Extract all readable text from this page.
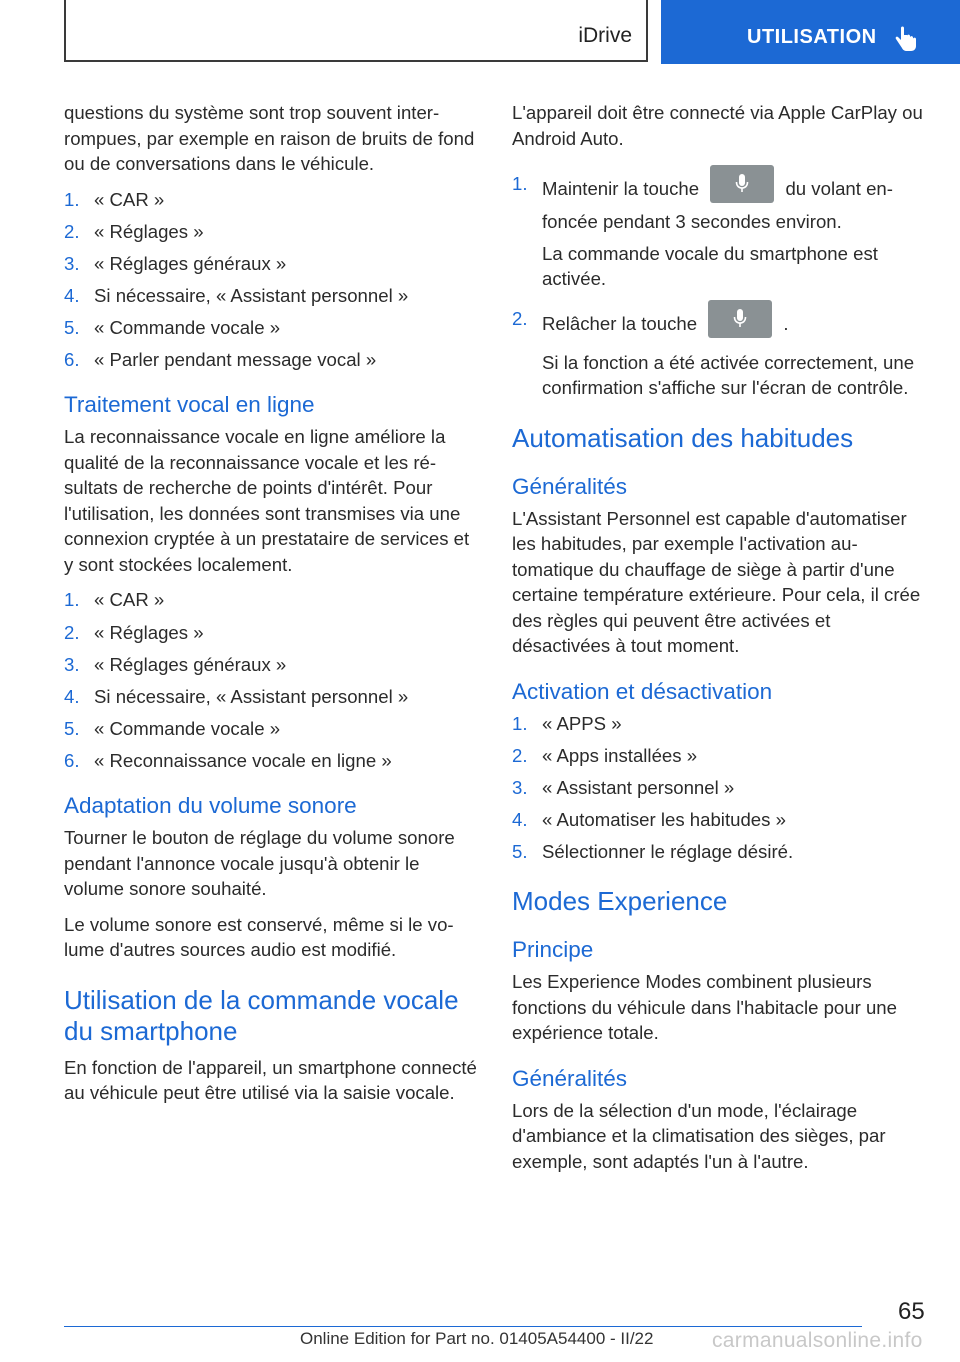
iDrive	UTILISATION

questions du système sont trop souvent interrompues, par exemple en raison de bruits de fond ou de conversations dans le véhicule.

1. « CAR »
2. « Réglages »
3. « Réglages généraux »
4. Si nécessaire, « Assistant personnel »
5. « Commande vocale »
6. « Parler pendant message vocal »
Traitement vocal en ligne

La reconnaissance vocale en ligne améliore la qualité de la reconnaissance vocale et les résultats de recherche de points d'intérêt. Pour l'utilisation, les données sont transmises via une connexion cryptée à un prestataire de services et y sont stockées localement.

1. « CAR »
2. « Réglages »
3. « Réglages généraux »
4. Si nécessaire, « Assistant personnel »
5. « Commande vocale »
6. « Reconnaissance vocale en ligne »
Adaptation du volume sonore

Tourner le bouton de réglage du volume sonore pendant l'annonce vocale jusqu'à obtenir le volume sonore souhaité.

Le volume sonore est conservé, même si le volume d'autres sources audio est modifié.

Utilisation de la commande vocale du smartphone

En fonction de l'appareil, un smartphone connecté au véhicule peut être utilisé via la saisie vocale.

L'appareil doit être connecté via Apple CarPlay ou Android Auto.

1. Maintenir la touche	du volant enfoncée pendant 3 secondes environ.

La commande vocale du smartphone est activée.

2. Relâcher la touche	.

Si la fonction a été activée correctement, une confirmation s'affiche sur l'écran de contrôle.

Automatisation des habitudes
Généralités

L'Assistant Personnel est capable d'automatiser les habitudes, par exemple l'activation automatique du chauffage de siège à partir d'une certaine température extérieure. Pour cela, il crée des règles qui peuvent être activées et désactivées à tout moment.

Activation et désactivation
1. « APPS »
2. « Apps installées »
3. « Assistant personnel »
4. « Automatiser les habitudes »
5. Sélectionner le réglage désiré.
Modes Experience
Principe

Les Experience Modes combinent plusieurs fonctions du véhicule dans l'habitacle pour une expérience totale.

Généralités

Lors de la sélection d'un mode, l'éclairage d'ambiance et la climatisation des sièges, par exemple, sont adaptés l'un à l'autre.

65
Online Edition for Part no. 01405A54400 - II/22	carmanualsonline.info
